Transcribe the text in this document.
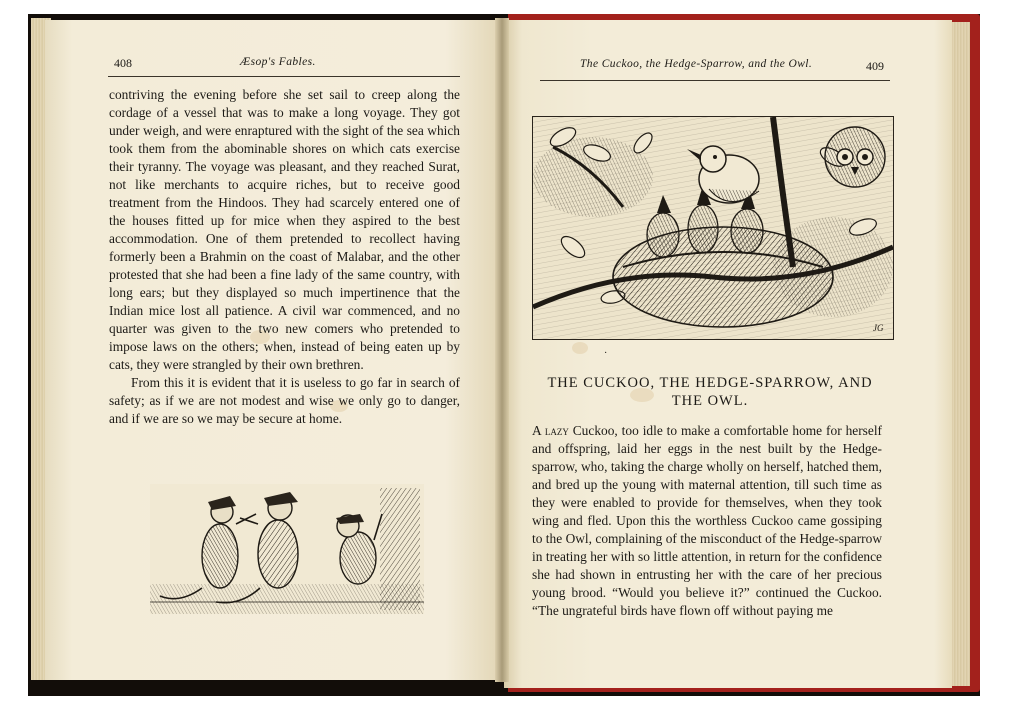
408	Æsop's Fables.

contriving the evening before she set sail to creep along the cordage of a vessel that was to make a long voyage. They got under weigh, and were enraptured with the sight of the sea which took them from the abominable shores on which cats exercise their tyranny. The voyage was pleasant, and they reached Surat, not like merchants to acquire riches, but to receive good treatment from the Hindoos. They had scarcely entered one of the houses fitted up for mice when they aspired to the best accommodation. One of them pretended to recollect having formerly been a Brahmin on the coast of Malabar, and the other protested that she had been a fine lady of the same country, with long ears; but they displayed so much impertinence that the Indian mice lost all patience. A civil war commenced, and no quarter was given to the two new comers who pretended to impose laws on the others; when, instead of being eaten up by cats, they were strangled by their own brethren.

From this it is evident that it is useless to go far in search of safety; as if we are not modest and wise we only go to danger, and if we are so we may be secure at home.

The Cuckoo, the Hedge-Sparrow, and the Owl.	409
JG
·
THE CUCKOO, THE HEDGE-SPARROW, AND THE OWL.

A lazy Cuckoo, too idle to make a comfortable home for herself and offspring, laid her eggs in the nest built by the Hedge-sparrow, who, taking the charge wholly on herself, hatched them, and bred up the young with maternal attention, till such time as they were enabled to provide for themselves, when they took wing and fled. Upon this the worthless Cuckoo came gossiping to the Owl, complaining of the misconduct of the Hedge-sparrow in treating her with so little attention, in return for the confidence she had shown in entrusting her with the care of her precious young brood. “Would you believe it?” continued the Cuckoo. “The ungrateful birds have flown off without paying me
